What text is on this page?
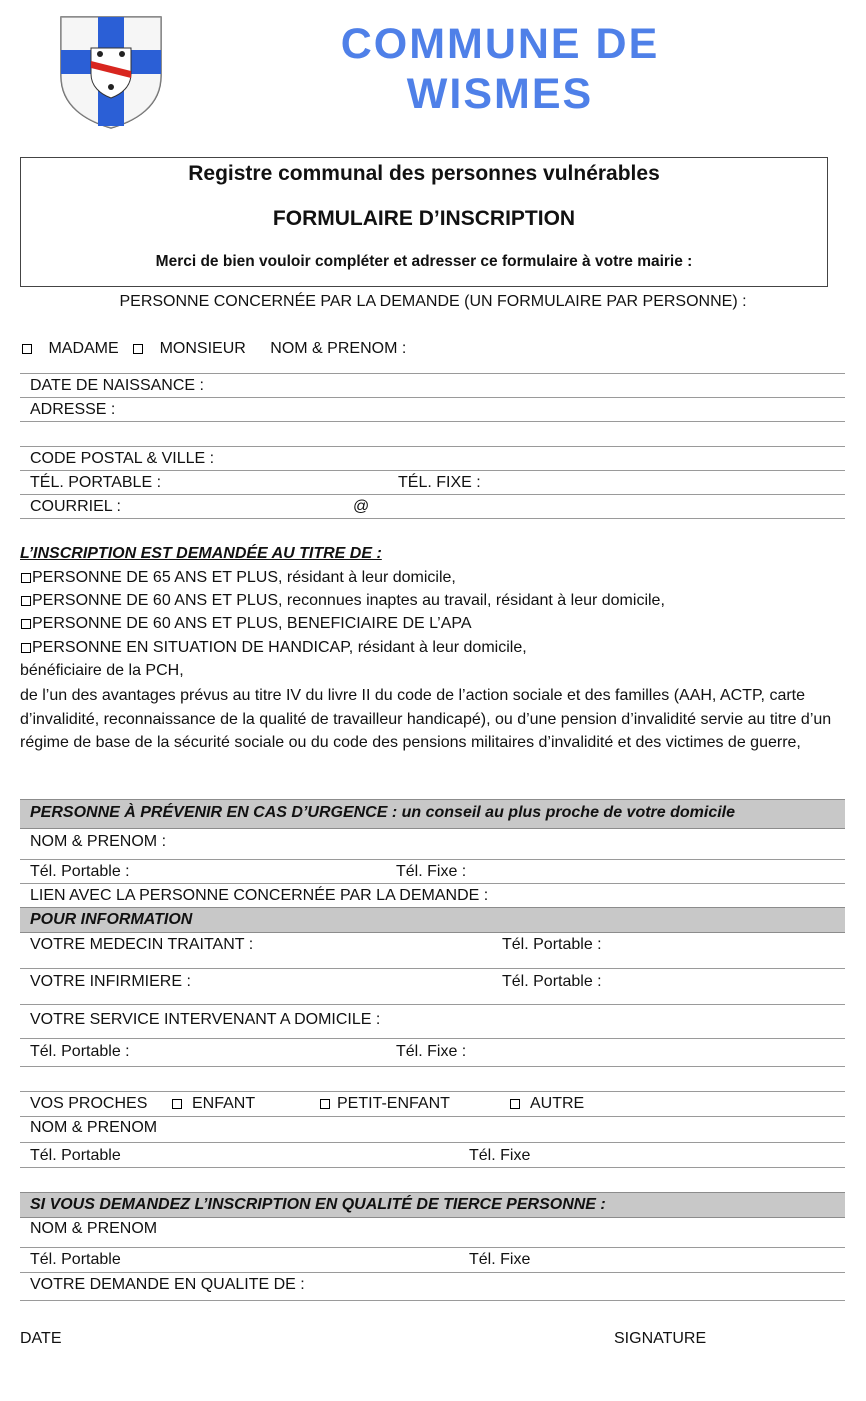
COMMUNE DE
WISMES
Registre communal des personnes vulnérables
FORMULAIRE D’INSCRIPTION
Merci de bien vouloir compléter et adresser ce formulaire à votre mairie :
PERSONNE CONCERNÉE PAR LA DEMANDE (UN FORMULAIRE PAR PERSONNE) :
MADAME	MONSIEUR NOM & PRENOM :
DATE DE NAISSANCE :
ADRESSE :
CODE POSTAL & VILLE :
TÉL. PORTABLE :	TÉL. FIXE :
COURRIEL :	@
L’INSCRIPTION EST DEMANDÉE AU TITRE DE :
PERSONNE DE 65 ANS ET PLUS, résidant à leur domicile,
PERSONNE DE 60 ANS ET PLUS, reconnues inaptes au travail, résidant à leur domicile,
PERSONNE DE 60 ANS ET PLUS, BENEFICIAIRE DE L’APA
PERSONNE EN SITUATION DE HANDICAP, résidant à leur domicile,
bénéficiaire de la PCH,
de l’un des avantages prévus au titre IV du livre II du code de l’action sociale et des familles (AAH, ACTP, carte d’invalidité, reconnaissance de la qualité de travailleur handicapé), ou d’une pension d’invalidité servie au titre d’un régime de base de la sécurité sociale ou du code des pensions militaires d’invalidité et des victimes de guerre,
PERSONNE À PRÉVENIR EN CAS D’URGENCE : un conseil au plus proche de votre domicile
NOM & PRENOM :
Tél. Portable :	Tél. Fixe :
LIEN AVEC LA PERSONNE CONCERNÉE PAR LA DEMANDE :
POUR INFORMATION
VOTRE MEDECIN TRAITANT :	Tél. Portable :
VOTRE INFIRMIERE :	Tél. Portable :
VOTRE SERVICE INTERVENANT A DOMICILE :
Tél. Portable :	Tél. Fixe :
VOS PROCHES	ENFANT	PETIT-ENFANT	AUTRE
NOM & PRENOM
Tél. Portable	Tél. Fixe
SI VOUS DEMANDEZ L’INSCRIPTION EN QUALITÉ DE TIERCE PERSONNE :
NOM & PRENOM
Tél. Portable	Tél. Fixe
VOTRE DEMANDE EN QUALITE DE :
DATE	SIGNATURE
